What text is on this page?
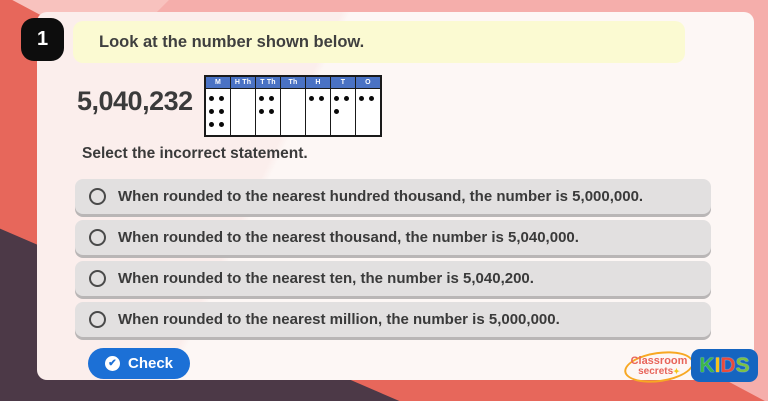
1	Look at the number shown below.
5,040,232
M	H Th	T Th	Th	H	T	O
Select the incorrect statement.
When rounded to the nearest hundred thousand, the number is 5,000,000.
When rounded to the nearest thousand, the number is 5,040,000.
When rounded to the nearest ten, the number is 5,040,200.
When rounded to the nearest million, the number is 5,000,000.
✔ Check	Classroom
secrets✦ K I D S
